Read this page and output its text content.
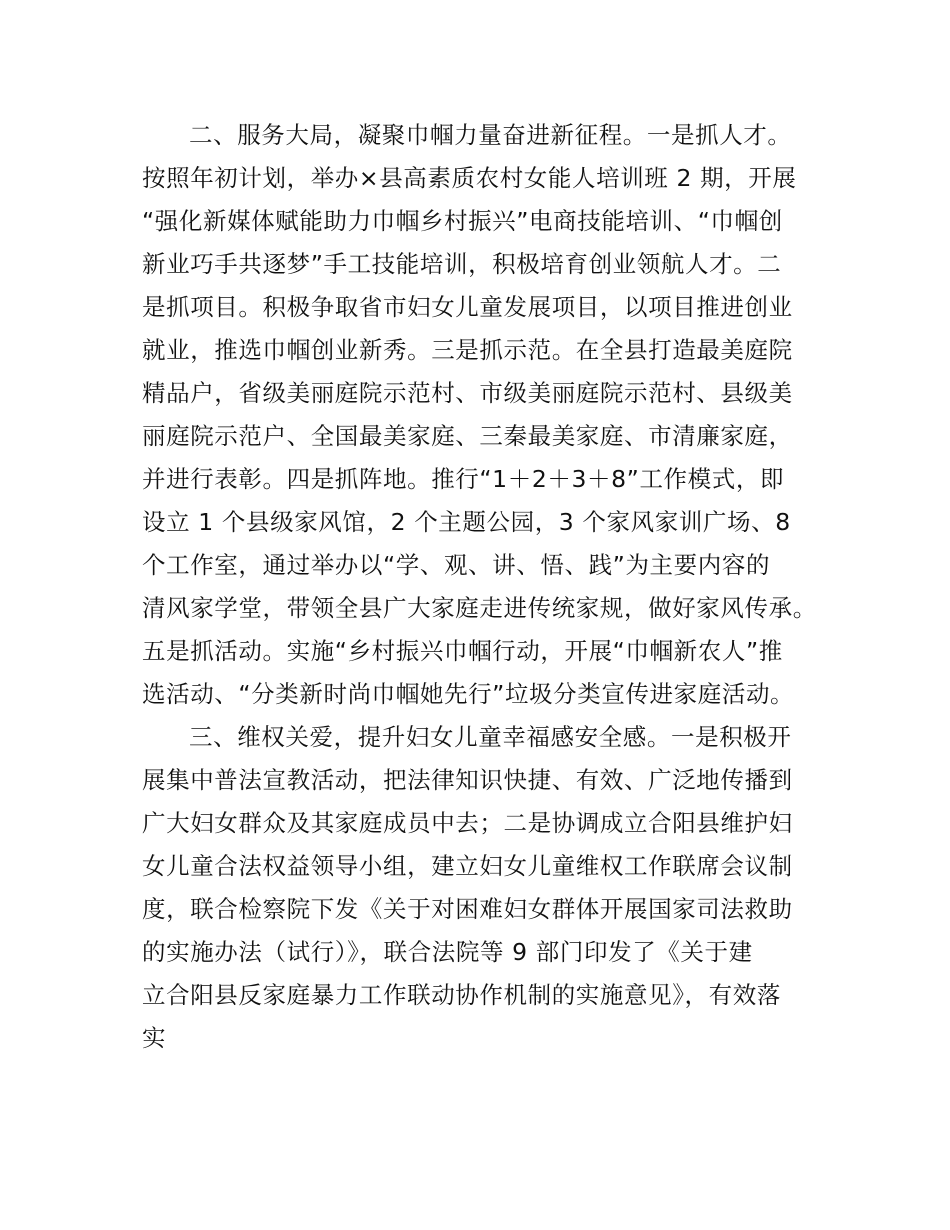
二、服务大局，凝聚巾帼力量奋进新征程。一是抓人才。
按照年初计划，举办×县高素质农村女能人培训班 2 期，开展
“强化新媒体赋能助力巾帼乡村振兴”电商技能培训、“巾帼创
新业巧手共逐梦”手工技能培训，积极培育创业领航人才。二
是抓项目。积极争取省市妇女儿童发展项目，以项目推进创业
就业，推选巾帼创业新秀。三是抓示范。在全县打造最美庭院
精品户，省级美丽庭院示范村、市级美丽庭院示范村、县级美
丽庭院示范户、全国最美家庭、三秦最美家庭、市清廉家庭，
并进行表彰。四是抓阵地。推行“1＋2＋3＋8”工作模式，即
设立 1 个县级家风馆，2 个主题公园，3 个家风家训广场、8
个工作室，通过举办以“学、观、讲、悟、践”为主要内容的
清风家学堂，带领全县广大家庭走进传统家规，做好家风传承。
五是抓活动。实施“乡村振兴巾帼行动，开展“巾帼新农人”推
选活动、“分类新时尚巾帼她先行”垃圾分类宣传进家庭活动。
三、维权关爱，提升妇女儿童幸福感安全感。一是积极开
展集中普法宣教活动，把法律知识快捷、有效、广泛地传播到
广大妇女群众及其家庭成员中去；二是协调成立合阳县维护妇
女儿童合法权益领导小组，建立妇女儿童维权工作联席会议制
度，联合检察院下发《关于对困难妇女群体开展国家司法救助
的实施办法（试行）》，联合法院等 9 部门印发了《关于建
立合阳县反家庭暴力工作联动协作机制的实施意见》，有效落
实
